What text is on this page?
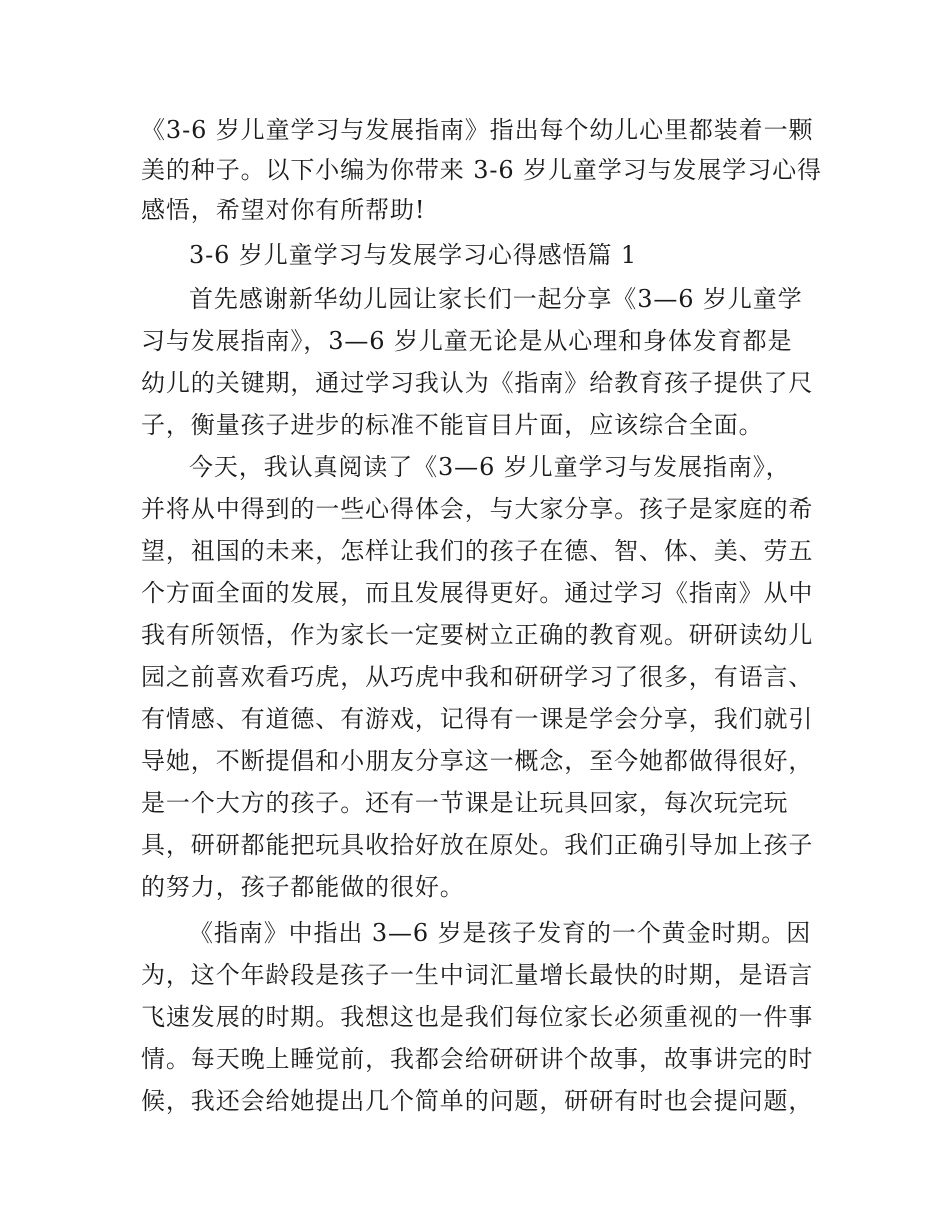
《3-6 岁儿童学习与发展指南》指出每个幼儿心里都装着一颗
美的种子。以下小编为你带来 3-6 岁儿童学习与发展学习心得
感悟，希望对你有所帮助!
3-6 岁儿童学习与发展学习心得感悟篇 1
首先感谢新华幼儿园让家长们一起分享《3—6 岁儿童学
习与发展指南》，3—6 岁儿童无论是从心理和身体发育都是
幼儿的关键期，通过学习我认为《指南》给教育孩子提供了尺
子，衡量孩子进步的标准不能盲目片面，应该综合全面。
今天，我认真阅读了《3—6 岁儿童学习与发展指南》，
并将从中得到的一些心得体会，与大家分享。孩子是家庭的希
望，祖国的未来，怎样让我们的孩子在德、智、体、美、劳五
个方面全面的发展，而且发展得更好。通过学习《指南》从中
我有所领悟，作为家长一定要树立正确的教育观。研研读幼儿
园之前喜欢看巧虎，从巧虎中我和研研学习了很多，有语言、
有情感、有道德、有游戏，记得有一课是学会分享，我们就引
导她，不断提倡和小朋友分享这一概念，至今她都做得很好，
是一个大方的孩子。还有一节课是让玩具回家，每次玩完玩
具，研研都能把玩具收拾好放在原处。我们正确引导加上孩子
的努力，孩子都能做的很好。
《指南》中指出 3—6 岁是孩子发育的一个黄金时期。因
为，这个年龄段是孩子一生中词汇量增长最快的时期，是语言
飞速发展的时期。我想这也是我们每位家长必须重视的一件事
情。每天晚上睡觉前，我都会给研研讲个故事，故事讲完的时
候，我还会给她提出几个简单的问题，研研有时也会提问题，
